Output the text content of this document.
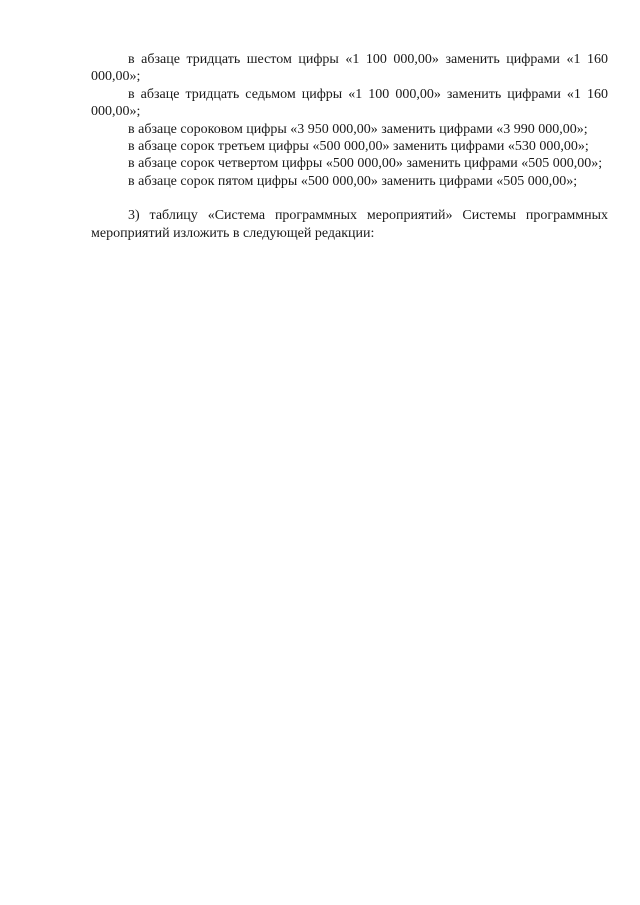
в абзаце тридцать шестом цифры «1 100 000,00» заменить цифрами «1 160 000,00»;

в абзаце тридцать седьмом цифры «1 100 000,00» заменить цифрами «1 160 000,00»;

в абзаце сороковом цифры «3 950 000,00» заменить цифрами «3 990 000,00»;

в абзаце сорок третьем цифры «500 000,00» заменить цифрами «530 000,00»;

в абзаце сорок четвертом цифры «500 000,00» заменить цифрами «505 000,00»;

в абзаце сорок пятом цифры «500 000,00» заменить цифрами «505 000,00»;

3) таблицу «Система программных мероприятий» Системы программных мероприятий изложить в следующей редакции:
